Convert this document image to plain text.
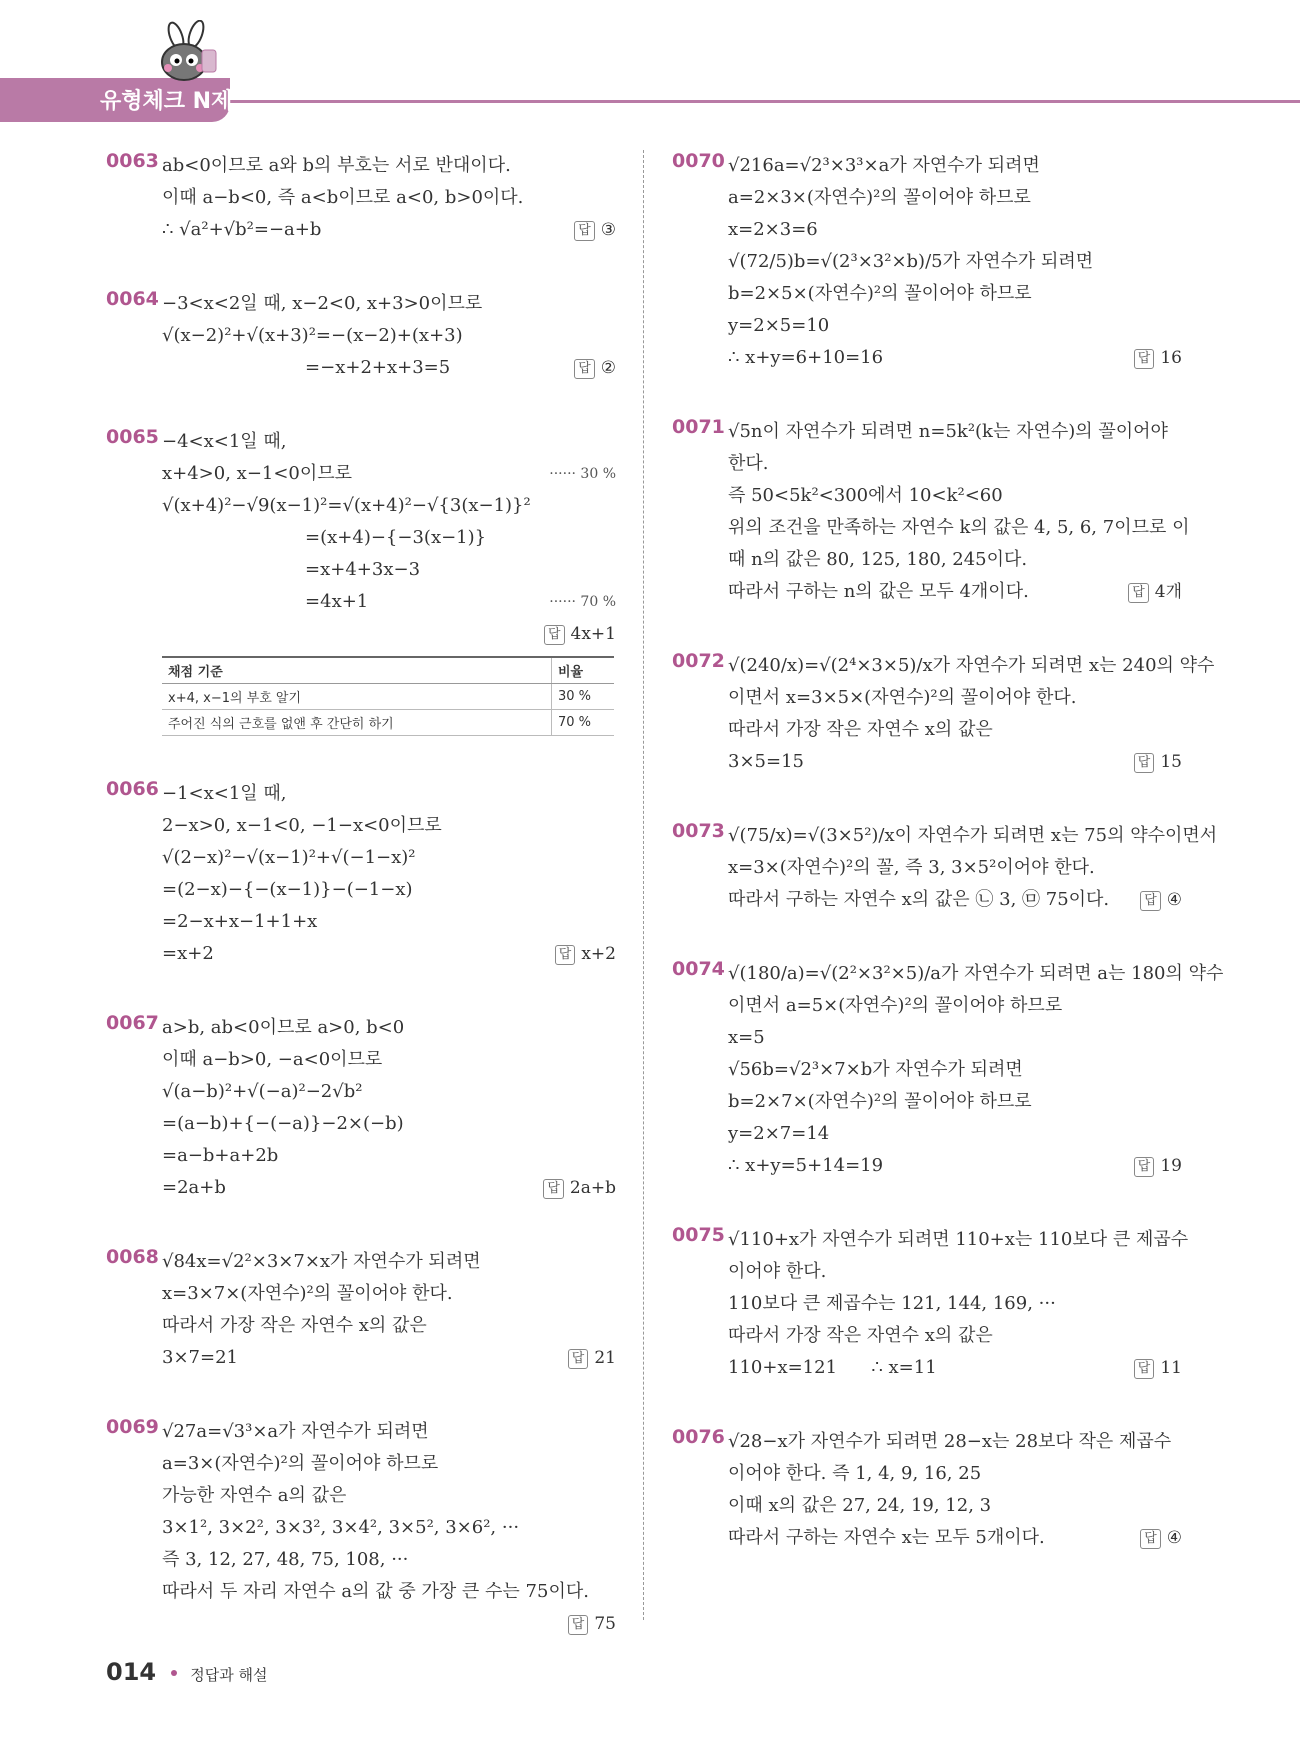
유형체크 N제
0063 ab<0이므로 a와 b의 부호는 서로 반대이다.
이때 a−b<0, 즉 a<b이므로 a<0, b>0이다.
∴ √a²+√b²=−a+b	답 ③
0064 −3<x<2일 때, x−2<0, x+3>0이므로
√(x−2)²+√(x+3)²=−(x−2)+(x+3)
=−x+2+x+3=5	답 ②
0065 −4<x<1일 때,
x+4>0, x−1<0이므로	······ 30 %
√(x+4)²−√9(x−1)²=√(x+4)²−√{3(x−1)}²
=(x+4)−{−3(x−1)}
=x+4+3x−3
=4x+1	······ 70 %
답 4x+1
채점 기준	비율
x+4, x−1의 부호 알기	30 %
주어진 식의 근호를 없앤 후 간단히 하기	70 %
0066 −1<x<1일 때,
2−x>0, x−1<0, −1−x<0이므로
√(2−x)²−√(x−1)²+√(−1−x)²
=(2−x)−{−(x−1)}−(−1−x)
=2−x+x−1+1+x
=x+2	답 x+2
0067 a>b, ab<0이므로 a>0, b<0
이때 a−b>0, −a<0이므로
√(a−b)²+√(−a)²−2√b²
=(a−b)+{−(−a)}−2×(−b)
=a−b+a+2b
=2a+b	답 2a+b
0068 √84x=√2²×3×7×x가 자연수가 되려면
x=3×7×(자연수)²의 꼴이어야 한다.
따라서 가장 작은 자연수 x의 값은
3×7=21	답 21
0069 √27a=√3³×a가 자연수가 되려면
a=3×(자연수)²의 꼴이어야 하므로
가능한 자연수 a의 값은
3×1², 3×2², 3×3², 3×4², 3×5², 3×6², ···
즉 3, 12, 27, 48, 75, 108, ···
따라서 두 자리 자연수 a의 값 중 가장 큰 수는 75이다.
답 75
0070 √216a=√2³×3³×a가 자연수가 되려면
a=2×3×(자연수)²의 꼴이어야 하므로
x=2×3=6
√(72/5)b=√(2³×3²×b)/5가 자연수가 되려면
b=2×5×(자연수)²의 꼴이어야 하므로
y=2×5=10
∴ x+y=6+10=16	답 16
0071 √5n이 자연수가 되려면 n=5k²(k는 자연수)의 꼴이어야
한다.
즉 50<5k²<300에서 10<k²<60
위의 조건을 만족하는 자연수 k의 값은 4, 5, 6, 7이므로 이
때 n의 값은 80, 125, 180, 245이다.
따라서 구하는 n의 값은 모두 4개이다.	답 4개
0072 √(240/x)=√(2⁴×3×5)/x가 자연수가 되려면 x는 240의 약수
이면서 x=3×5×(자연수)²의 꼴이어야 한다.
따라서 가장 작은 자연수 x의 값은
3×5=15	답 15
0073 √(75/x)=√(3×5²)/x이 자연수가 되려면 x는 75의 약수이면서
x=3×(자연수)²의 꼴, 즉 3, 3×5²이어야 한다.
따라서 구하는 자연수 x의 값은 ㉡ 3, ㉤ 75이다.	답 ④
0074 √(180/a)=√(2²×3²×5)/a가 자연수가 되려면 a는 180의 약수
이면서 a=5×(자연수)²의 꼴이어야 하므로
x=5
√56b=√2³×7×b가 자연수가 되려면
b=2×7×(자연수)²의 꼴이어야 하므로
y=2×7=14
∴ x+y=5+14=19	답 19
0075 √110+x가 자연수가 되려면 110+x는 110보다 큰 제곱수
이어야 한다.
110보다 큰 제곱수는 121, 144, 169, ···
따라서 가장 작은 자연수 x의 값은
110+x=121      ∴ x=11	답 11
0076 √28−x가 자연수가 되려면 28−x는 28보다 작은 제곱수
이어야 한다. 즉 1, 4, 9, 16, 25
이때 x의 값은 27, 24, 19, 12, 3
따라서 구하는 자연수 x는 모두 5개이다.	답 ④
014 정답과 해설
